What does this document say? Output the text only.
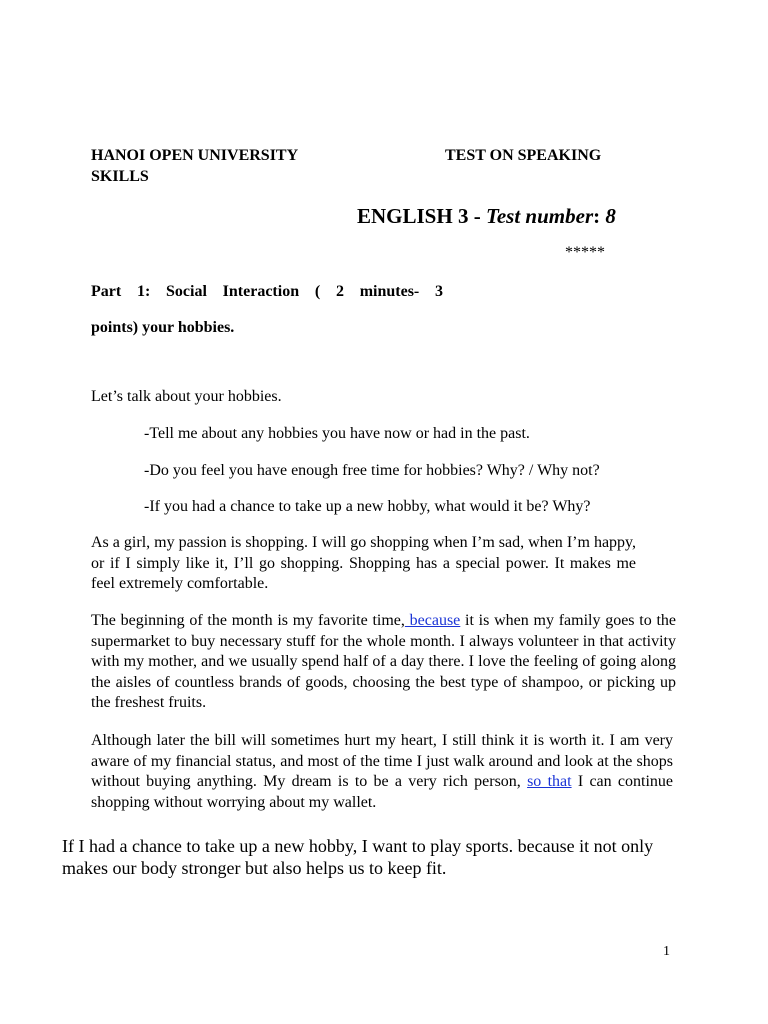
HANOI OPEN UNIVERSITY	TEST ON SPEAKING
SKILLS
ENGLISH 3 - Test number: 8
*****
Part 1: Social Interaction ( 2 minutes- 3
points) your hobbies.
Let’s talk about your hobbies.
-Tell me about any hobbies you have now or had in the past.
-Do you feel you have enough free time for hobbies? Why? / Why not?
-If you had a chance to take up a new hobby, what would it be? Why?

As a girl, my passion is shopping. I will go shopping when I’m sad, when I’m happy, or if I simply like it, I’ll go shopping. Shopping has a special power. It makes me feel extremely comfortable.

The beginning of the month is my favorite time, because it is when my family goes to the supermarket to buy necessary stuff for the whole month. I always volunteer in that activity with my mother, and we usually spend half of a day there. I love the feeling of going along the aisles of countless brands of goods, choosing the best type of shampoo, or picking up the freshest fruits.

Although later the bill will sometimes hurt my heart, I still think it is worth it. I am very aware of my financial status, and most of the time I just walk around and look at the shops without buying anything. My dream is to be a very rich person, so that I can continue shopping without worrying about my wallet.

If I had a chance to take up a new hobby, I want to play sports. because it not only makes our body stronger but also helps us to keep fit.

1
